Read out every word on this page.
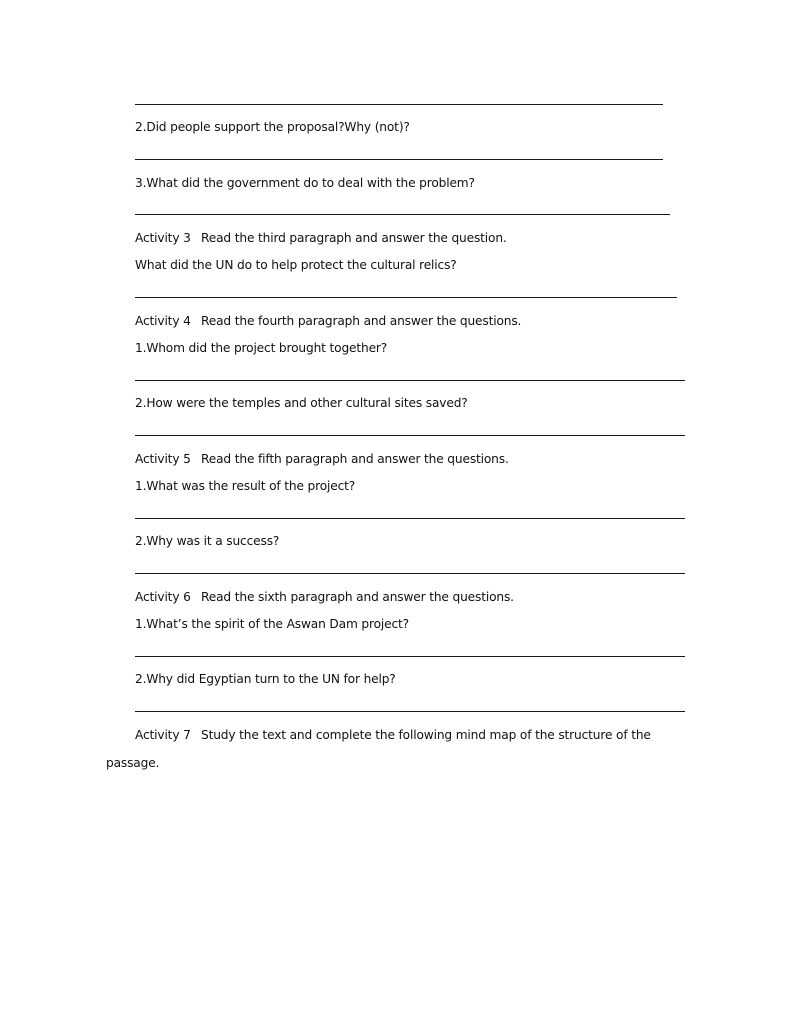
2.Did people support the proposal?Why (not)?
3.What did the government do to deal with the problem?
Activity 3 Read the third paragraph and answer the question.
What did the UN do to help protect the cultural relics?
Activity 4 Read the fourth paragraph and answer the questions.
1.Whom did the project brought together?
2.How were the temples and other cultural sites saved?
Activity 5 Read the fifth paragraph and answer the questions.
1.What was the result of the project?
2.Why was it a success?
Activity 6 Read the sixth paragraph and answer the questions.
1.What’s the spirit of the Aswan Dam project?
2.Why did Egyptian turn to the UN for help?
Activity 7 Study the text and complete the following mind map of the structure of the
passage.
